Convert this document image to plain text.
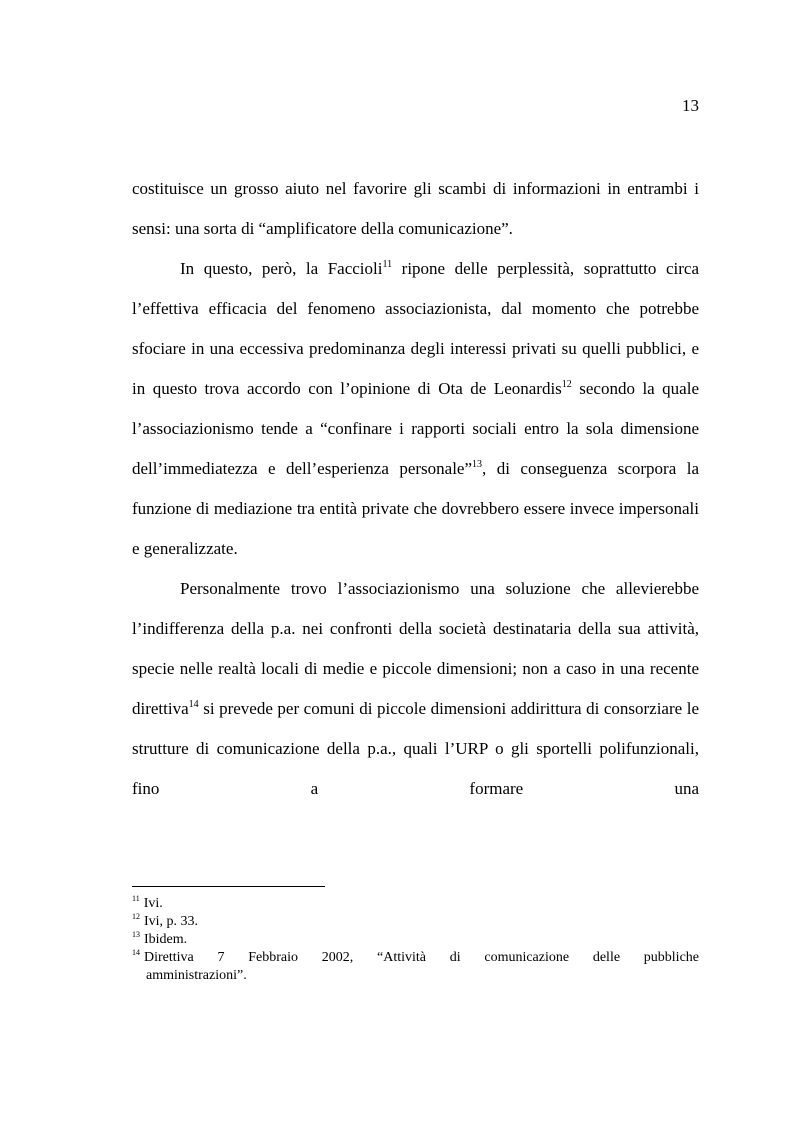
13

costituisce un grosso aiuto nel favorire gli scambi di informazioni in entrambi i sensi: una sorta di “amplificatore della comunicazione”.

In questo, però, la Faccioli$^{11}$ ripone delle perplessità, soprattutto circa l’effettiva efficacia del fenomeno associazionista, dal momento che potrebbe sfociare in una eccessiva predominanza degli interessi privati su quelli pubblici, e in questo trova accordo con l’opinione di Ota de Leonardis$^{12}$ secondo la quale l’associazionismo tende a “confinare i rapporti sociali entro la sola dimensione dell’immediatezza e dell’esperienza personale”$^{13}$, di conseguenza scorpora la funzione di mediazione tra entità private che dovrebbero essere invece impersonali e generalizzate.

Personalmente trovo l’associazionismo una soluzione che allevierebbe l’indifferenza della p.a. nei confronti della società destinataria della sua attività, specie nelle realtà locali di medie e piccole dimensioni; non a caso in una recente direttiva$^{14}$ si prevede per comuni di piccole dimensioni addirittura di consorziare le strutture di comunicazione della p.a., quali l’URP o gli sportelli polifunzionali, fino a formare una

$^{11}$ Ivi.

$^{12}$ Ivi, p. 33.

$^{13}$ Ibidem.

$^{14}$ Direttiva 7 Febbraio 2002, “Attività di comunicazione delle pubbliche

amministrazioni”.
